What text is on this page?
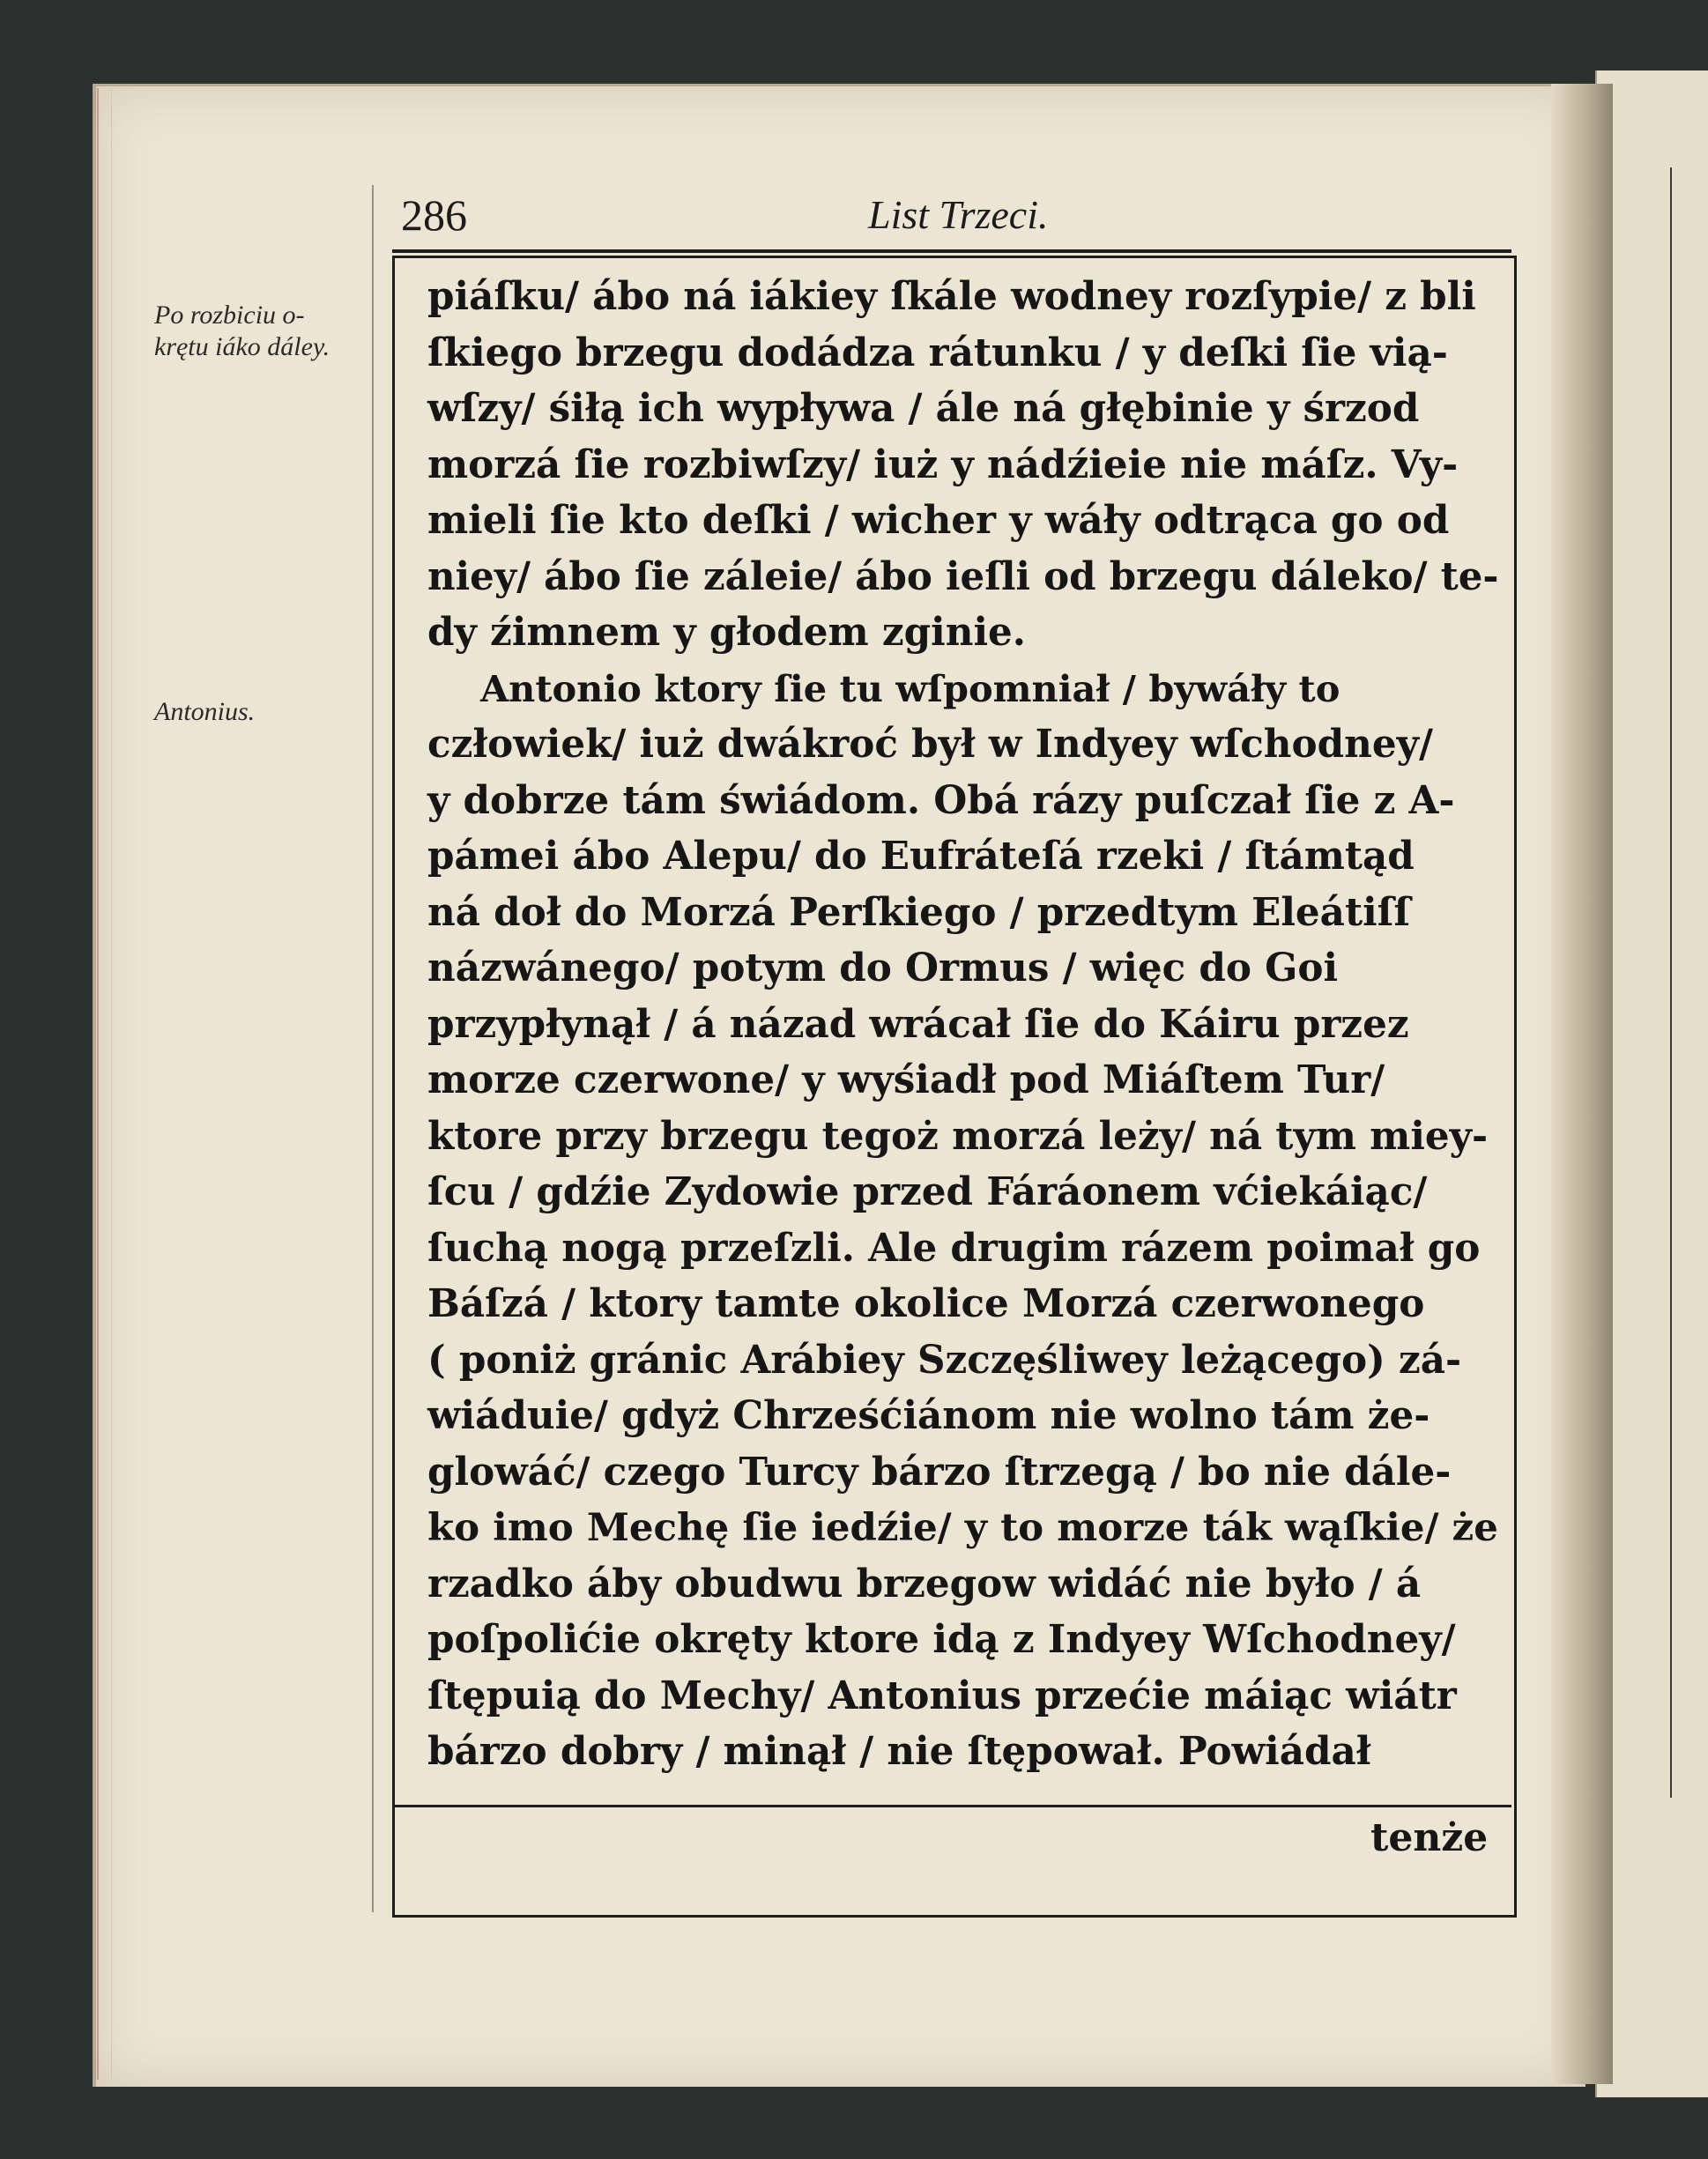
Po rozbiciu o-
krętu iáko dáley.
Antonius.
286	List Trzeci.
piáſku/ ábo ná iákiey ſkále wodney rozſypie/ z bli
ſkiego brzegu dodádza rátunku / y deſki ſie vią-
wſzy/ śiłą ich wypływa / ále ná głębinie y śrzod
morzá ſie rozbiwſzy/ iuż y nádźieie nie máſz. Vy-
mieli ſie kto deſki / wicher y wáły odtrąca go od
niey/ ábo ſie záleie/ ábo ieſli od brzegu dáleko/ te-
dy źimnem y głodem zginie.
Antonio ktory ſie tu wſpomniał / bywáły to
człowiek/ iuż dwákroć był w Indyey wſchodney/
y dobrze tám świádom. Obá rázy puſczał ſie z A-
pámei ábo Alepu/ do Eufráteſá rzeki / ſtámtąd
ná doł do Morzá Perſkiego / przedtym Eleátiſſ
názwánego/ potym do Ormus / więc do Goi
przypłynął / á názad wrácał ſie do Káiru przez
morze czerwone/ y wyśiadł pod Miáſtem Tur/
ktore przy brzegu tegoż morzá leży/ ná tym miey-
ſcu / gdźie Zydowie przed Fáráonem vćiekáiąc/
ſuchą nogą przeſzli. Ale drugim rázem poimał go
Báſzá / ktory tamte okolice Morzá czerwonego
( poniż gránic Arábiey Szczęśliwey leżącego) zá-
wiáduie/ gdyż Chrześćiánom nie wolno tám że-
glowáć/ czego Turcy bárzo ſtrzegą / bo nie dále-
ko imo Mechę ſie iedźie/ y to morze ták wąſkie/ że
rzadko áby obudwu brzegow widáć nie było / á
poſpolićie okręty ktore idą z Indyey Wſchodney/
ſtępuią do Mechy/ Antonius przećie máiąc wiátr
bárzo dobry / minął / nie ſtępował. Powiádał
tenże
